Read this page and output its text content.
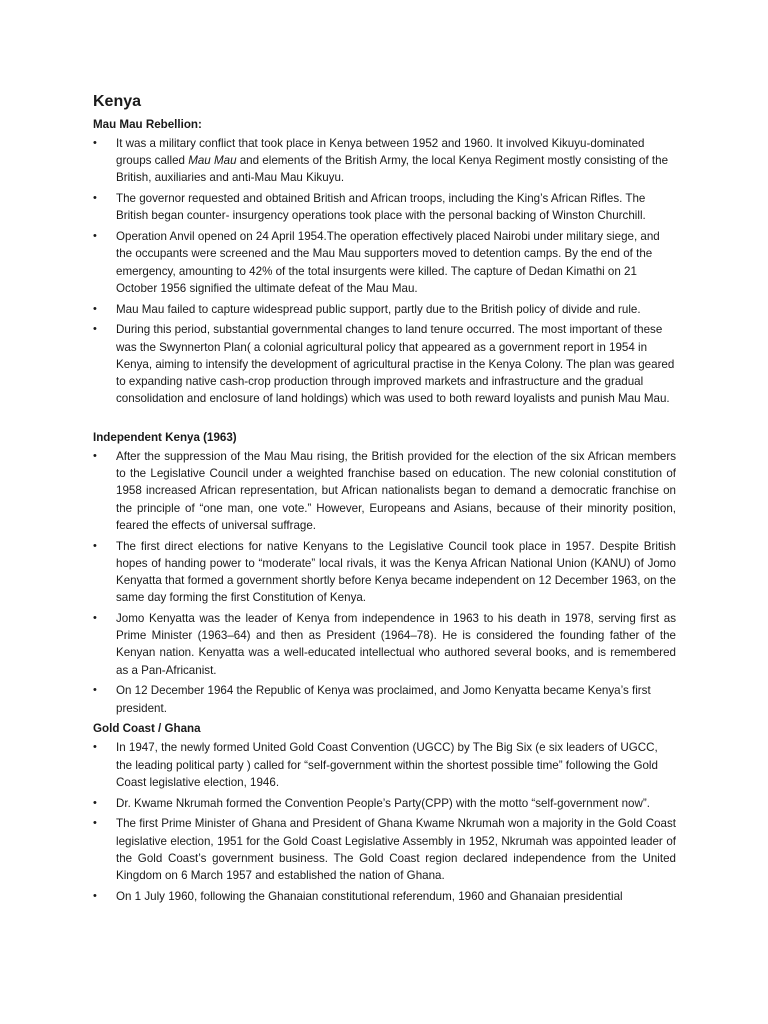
Kenya
Mau Mau Rebellion:
• It was a military conflict that took place in Kenya between 1952 and 1960. It involved Kikuyu-dominated groups called Mau Mau and elements of the British Army, the local Kenya Regiment mostly consisting of the British, auxiliaries and anti-Mau Mau Kikuyu.
• The governor requested and obtained British and African troops, including the King’s African Rifles. The British began counter- insurgency operations took place with the personal backing of Winston Churchill.
• Operation Anvil opened on 24 April 1954.The operation effectively placed Nairobi under military siege, and the occupants were screened and the Mau Mau supporters moved to detention camps. By the end of the emergency, amounting to 42% of the total insurgents were killed. The capture of Dedan Kimathi on 21 October 1956 signified the ultimate defeat of the Mau Mau.
• Mau Mau failed to capture widespread public support, partly due to the British policy of divide and rule.
• During this period, substantial governmental changes to land tenure occurred. The most important of these was the Swynnerton Plan( a colonial agricultural policy that appeared as a government report in 1954 in Kenya, aiming to intensify the development of agricultural practise in the Kenya Colony. The plan was geared to expanding native cash-crop production through improved markets and infrastructure and the gradual consolidation and enclosure of land holdings) which was used to both reward loyalists and punish Mau Mau.
Independent Kenya (1963)
• After the suppression of the Mau Mau rising, the British provided for the election of the six African members to the Legislative Council under a weighted franchise based on education. The new colonial constitution of 1958 increased African representation, but African nationalists began to demand a democratic franchise on the principle of “one man, one vote.” However, Europeans and Asians, because of their minority position, feared the effects of universal suffrage.
• The first direct elections for native Kenyans to the Legislative Council took place in 1957. Despite British hopes of handing power to “moderate” local rivals, it was the Kenya African National Union (KANU) of Jomo Kenyatta that formed a government shortly before Kenya became independent on 12 December 1963, on the same day forming the first Constitution of Kenya.
• Jomo Kenyatta was the leader of Kenya from independence in 1963 to his death in 1978, serving first as Prime Minister (1963–64) and then as President (1964–78). He is considered the founding father of the Kenyan nation. Kenyatta was a well-educated intellectual who authored several books, and is remembered as a Pan-Africanist.
• On 12 December 1964 the Republic of Kenya was proclaimed, and Jomo Kenyatta became Kenya’s first president.
Gold Coast / Ghana
• In 1947, the newly formed United Gold Coast Convention (UGCC) by The Big Six (e six leaders of UGCC, the leading political party ) called for “self-government within the shortest possible time” following the Gold Coast legislative election, 1946.
• Dr. Kwame Nkrumah formed the Convention People’s Party(CPP) with the motto “self-government now”.
• The first Prime Minister of Ghana and President of Ghana Kwame Nkrumah won a majority in the Gold Coast legislative election, 1951 for the Gold Coast Legislative Assembly in 1952, Nkrumah was appointed leader of the Gold Coast’s government business. The Gold Coast region declared independence from the United Kingdom on 6 March 1957 and established the nation of Ghana.
• On 1 July 1960, following the Ghanaian constitutional referendum, 1960 and Ghanaian presidential
